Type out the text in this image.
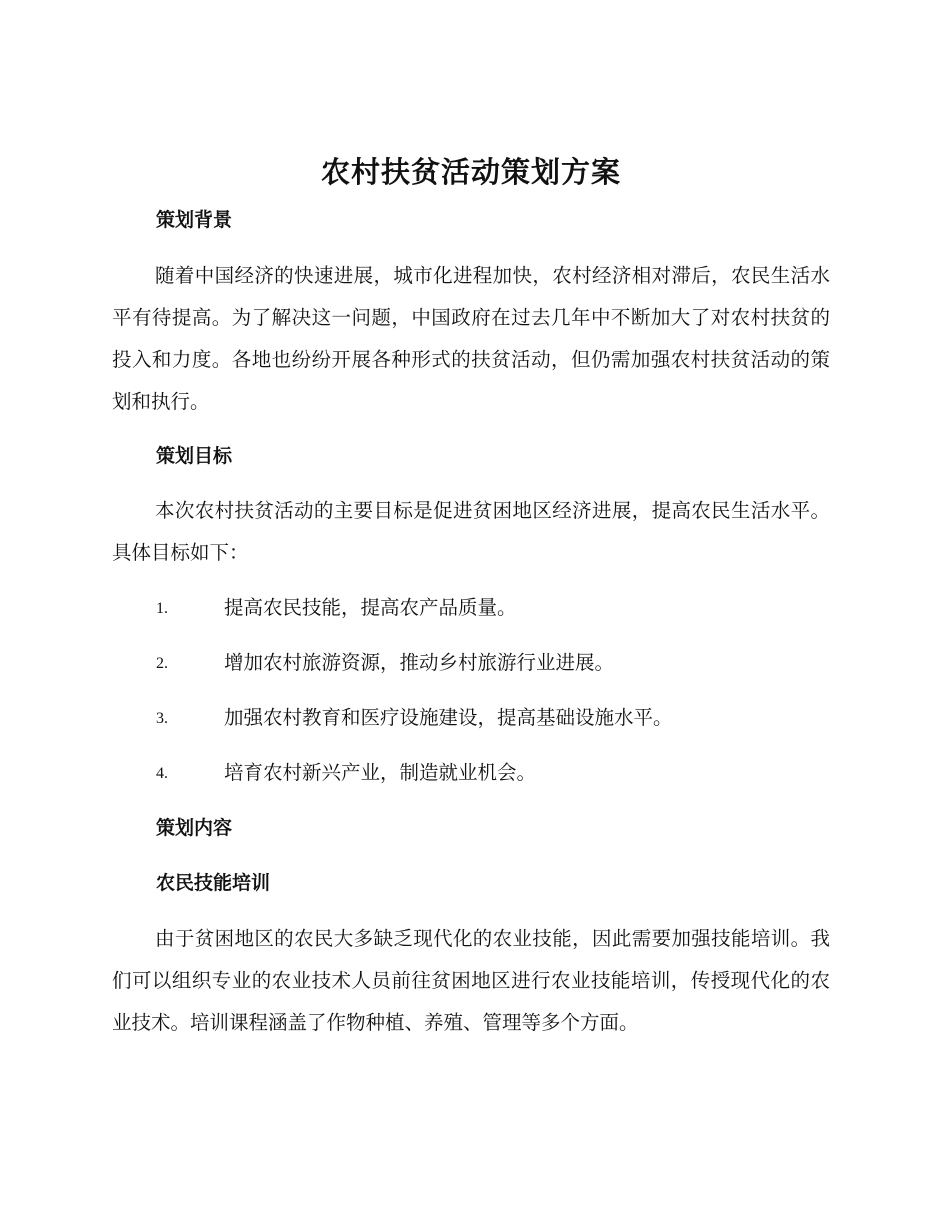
农村扶贫活动策划方案
策划背景
随着中国经济的快速进展，城市化进程加快，农村经济相对滞后，农民生活水平有待提高。为了解决这一问题，中国政府在过去几年中不断加大了对农村扶贫的投入和力度。各地也纷纷开展各种形式的扶贫活动，但仍需加强农村扶贫活动的策划和执行。
策划目标
本次农村扶贫活动的主要目标是促进贫困地区经济进展，提高农民生活水平。具体目标如下：
1.	提高农民技能，提高农产品质量。
2.	增加农村旅游资源，推动乡村旅游行业进展。
3.	加强农村教育和医疗设施建设，提高基础设施水平。
4.	培育农村新兴产业，制造就业机会。
策划内容
农民技能培训
由于贫困地区的农民大多缺乏现代化的农业技能，因此需要加强技能培训。我们可以组织专业的农业技术人员前往贫困地区进行农业技能培训，传授现代化的农业技术。培训课程涵盖了作物种植、养殖、管理等多个方面。
